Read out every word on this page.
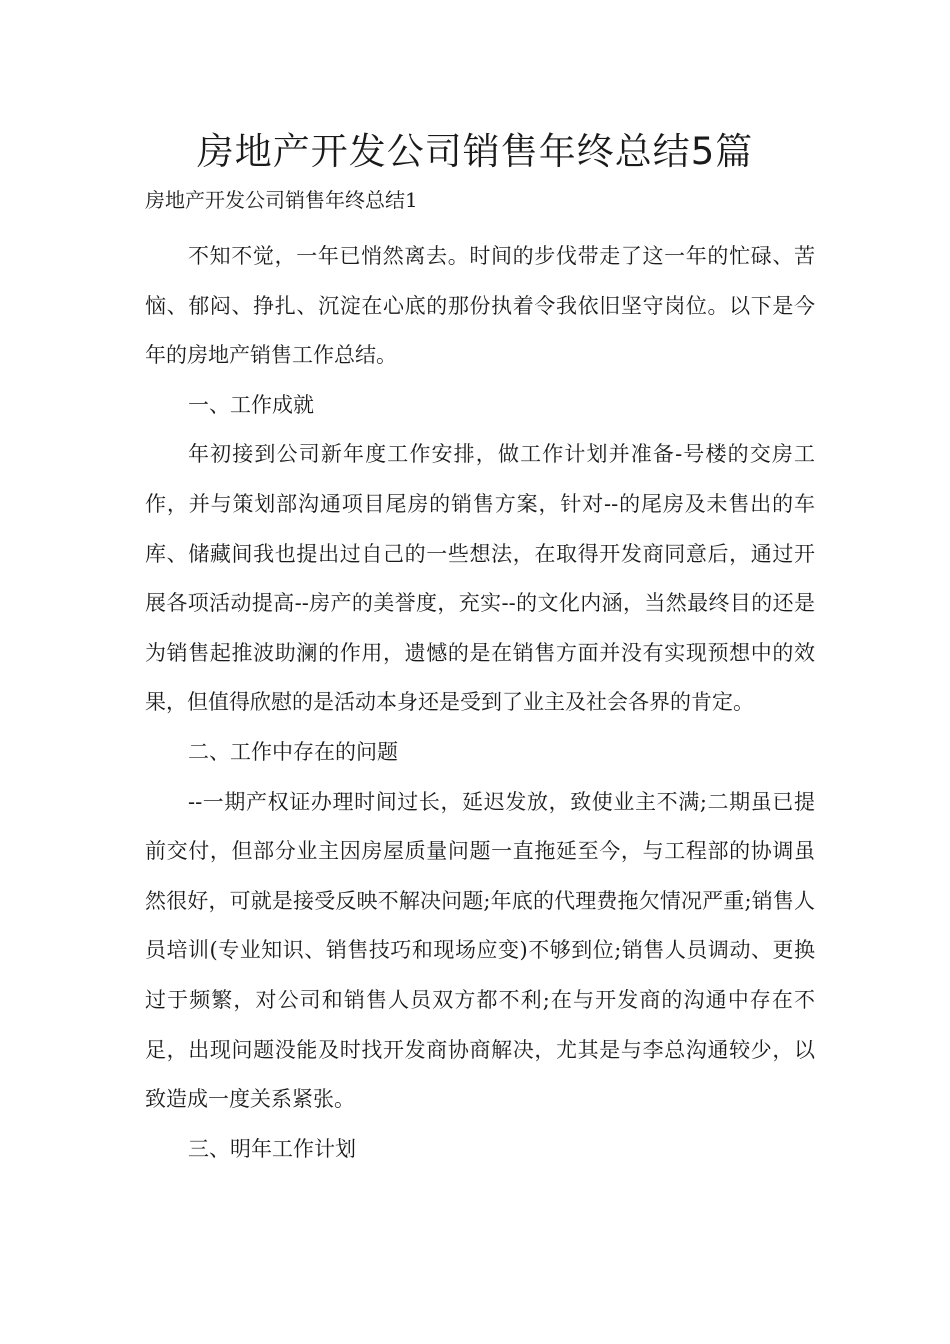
房地产开发公司销售年终总结5篇

房地产开发公司销售年终总结1

不知不觉，一年已悄然离去。时间的步伐带走了这一年的忙碌、苦恼、郁闷、挣扎、沉淀在心底的那份执着令我依旧坚守岗位。以下是今年的房地产销售工作总结。

一、工作成就

年初接到公司新年度工作安排，做工作计划并准备-号楼的交房工作，并与策划部沟通项目尾房的销售方案，针对--的尾房及未售出的车库、储藏间我也提出过自己的一些想法，在取得开发商同意后，通过开展各项活动提高--房产的美誉度，充实--的文化内涵，当然最终目的还是为销售起推波助澜的作用，遗憾的是在销售方面并没有实现预想中的效果，但值得欣慰的是活动本身还是受到了业主及社会各界的肯定。

二、工作中存在的问题

--一期产权证办理时间过长，延迟发放，致使业主不满;二期虽已提前交付，但部分业主因房屋质量问题一直拖延至今，与工程部的协调虽然很好，可就是接受反映不解决问题;年底的代理费拖欠情况严重;销售人员培训(专业知识、销售技巧和现场应变)不够到位;销售人员调动、更换过于频繁，对公司和销售人员双方都不利;在与开发商的沟通中存在不足，出现问题没能及时找开发商协商解决，尤其是与李总沟通较少，以致造成一度关系紧张。

三、明年工作计划
